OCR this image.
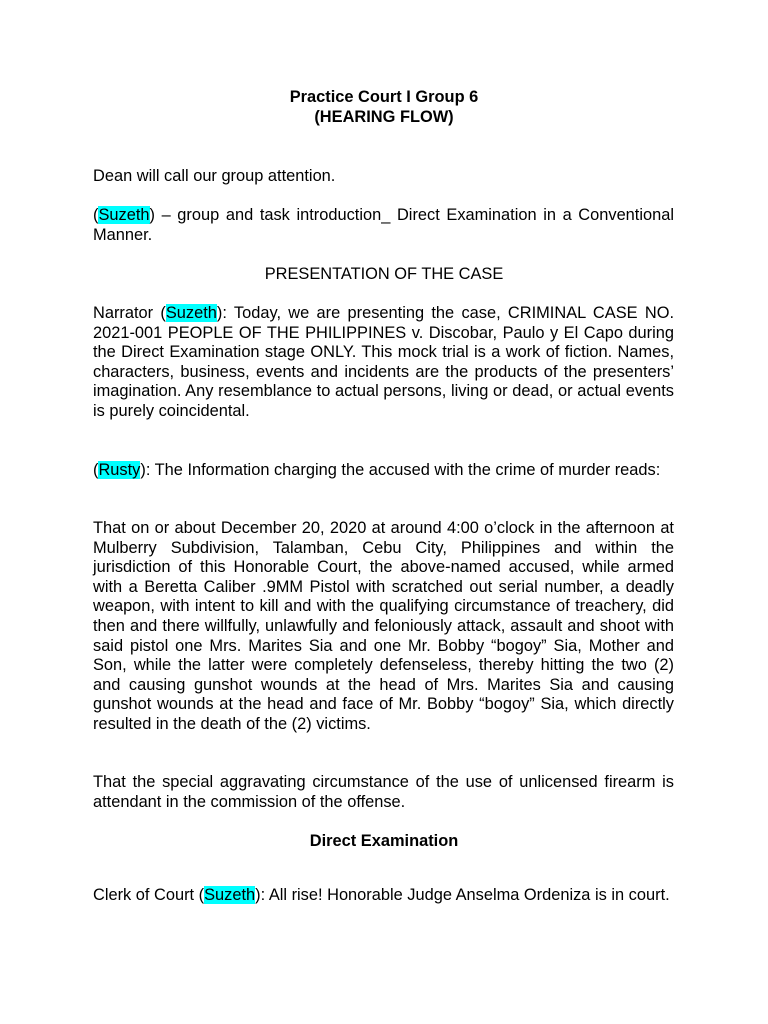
Practice Court I Group 6
(HEARING FLOW)
Dean will call our group attention.
(Suzeth) – group and task introduction_ Direct Examination in a Conventional Manner.
PRESENTATION OF THE CASE
Narrator (Suzeth): Today, we are presenting the case, CRIMINAL CASE NO. 2021-001 PEOPLE OF THE PHILIPPINES v. Discobar, Paulo y El Capo during the Direct Examination stage ONLY. This mock trial is a work of fiction. Names, characters, business, events and incidents are the products of the presenters’ imagination. Any resemblance to actual persons, living or dead, or actual events is purely coincidental.
(Rusty): The Information charging the accused with the crime of murder reads:
That on or about December 20, 2020 at around 4:00 o’clock in the afternoon at Mulberry Subdivision, Talamban, Cebu City, Philippines and within the jurisdiction of this Honorable Court, the above-named accused, while armed with a Beretta Caliber .9MM Pistol with scratched out serial number, a deadly weapon, with intent to kill and with the qualifying circumstance of treachery, did then and there willfully, unlawfully and feloniously attack, assault and shoot with said pistol one Mrs. Marites Sia and one Mr. Bobby “bogoy” Sia, Mother and Son, while the latter were completely defenseless, thereby hitting the two (2) and causing gunshot wounds at the head of Mrs. Marites Sia and causing gunshot wounds at the head and face of Mr. Bobby “bogoy” Sia, which directly resulted in the death of the (2) victims.
That the special aggravating circumstance of the use of unlicensed firearm is attendant in the commission of the offense.
Direct Examination
Clerk of Court (Suzeth): All rise! Honorable Judge Anselma Ordeniza is in court.
